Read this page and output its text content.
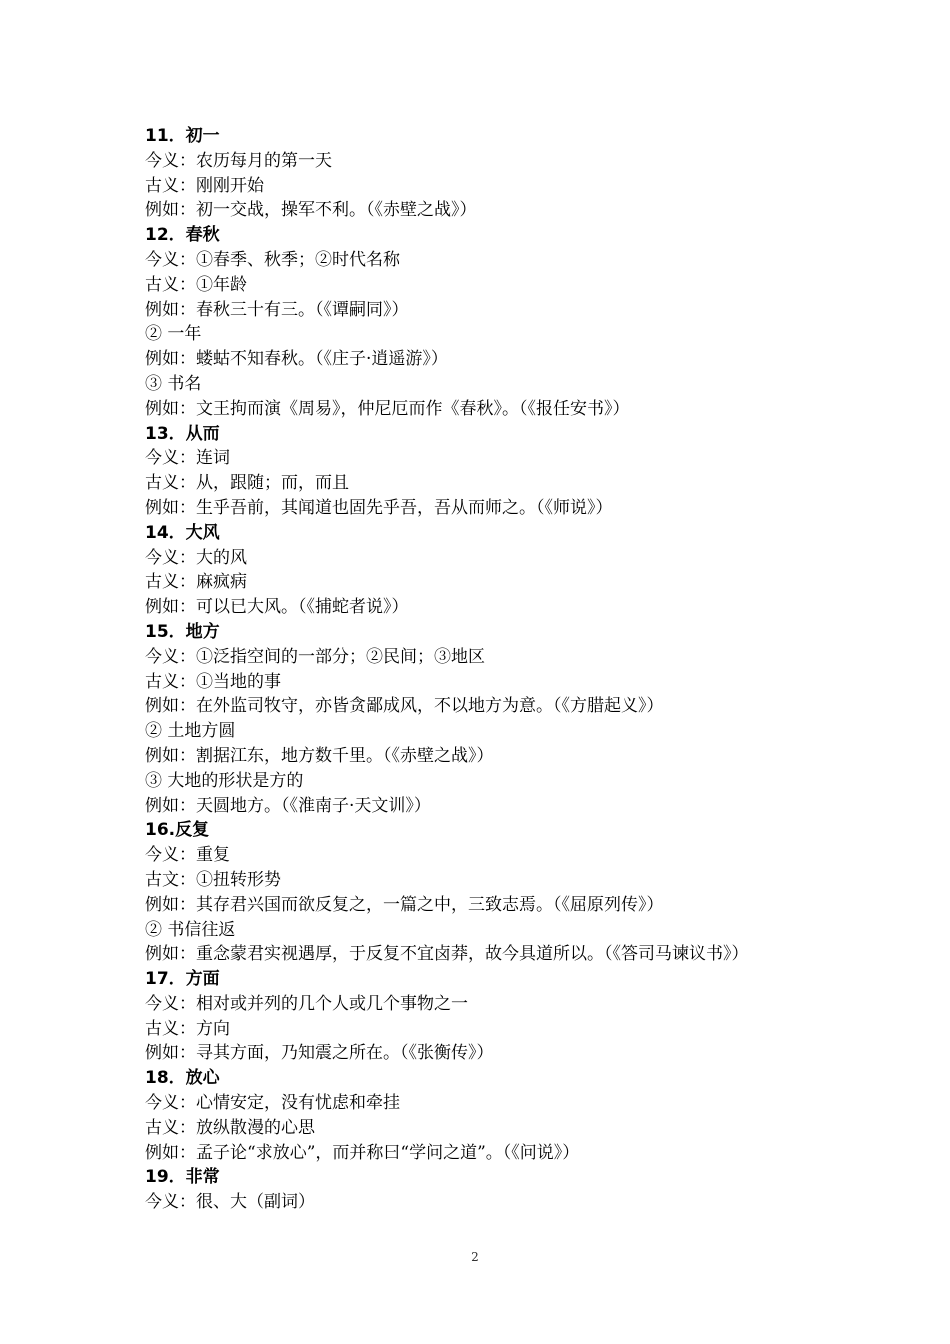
11．初一
今义：农历每月的第一天
古义：刚刚开始
例如：初一交战，操军不利。（《赤壁之战》）
12．春秋
今义：①春季、秋季；②时代名称
古义：①年龄
例如：春秋三十有三。（《谭嗣同》）
② 一年
例如：蝼蛄不知春秋。（《庄子·逍遥游》）
③ 书名
例如：文王拘而演《周易》，仲尼厄而作《春秋》。（《报任安书》）
13．从而
今义：连词
古义：从，跟随；而，而且
例如：生乎吾前，其闻道也固先乎吾，吾从而师之。（《师说》）
14．大风
今义：大的风
古义：麻疯病
例如：可以已大风。（《捕蛇者说》）
15．地方
今义：①泛指空间的一部分；②民间；③地区
古义：①当地的事
例如：在外监司牧守，亦皆贪鄙成风，不以地方为意。（《方腊起义》）
② 土地方圆
例如：割据江东，地方数千里。（《赤壁之战》）
③ 大地的形状是方的
例如：天圆地方。（《淮南子·天文训》）
16.反复
今义：重复
古文：①扭转形势
例如：其存君兴国而欲反复之，一篇之中，三致志焉。（《屈原列传》）
② 书信往返
例如：重念蒙君实视遇厚，于反复不宜卤莽，故今具道所以。（《答司马谏议书》）
17．方面
今义：相对或并列的几个人或几个事物之一
古义：方向
例如：寻其方面，乃知震之所在。（《张衡传》）
18．放心
今义：心情安定，没有忧虑和牵挂
古义：放纵散漫的心思
例如：孟子论“求放心”，而并称曰“学问之道”。（《问说》）
19．非常
今义：很、大（副词）
2
